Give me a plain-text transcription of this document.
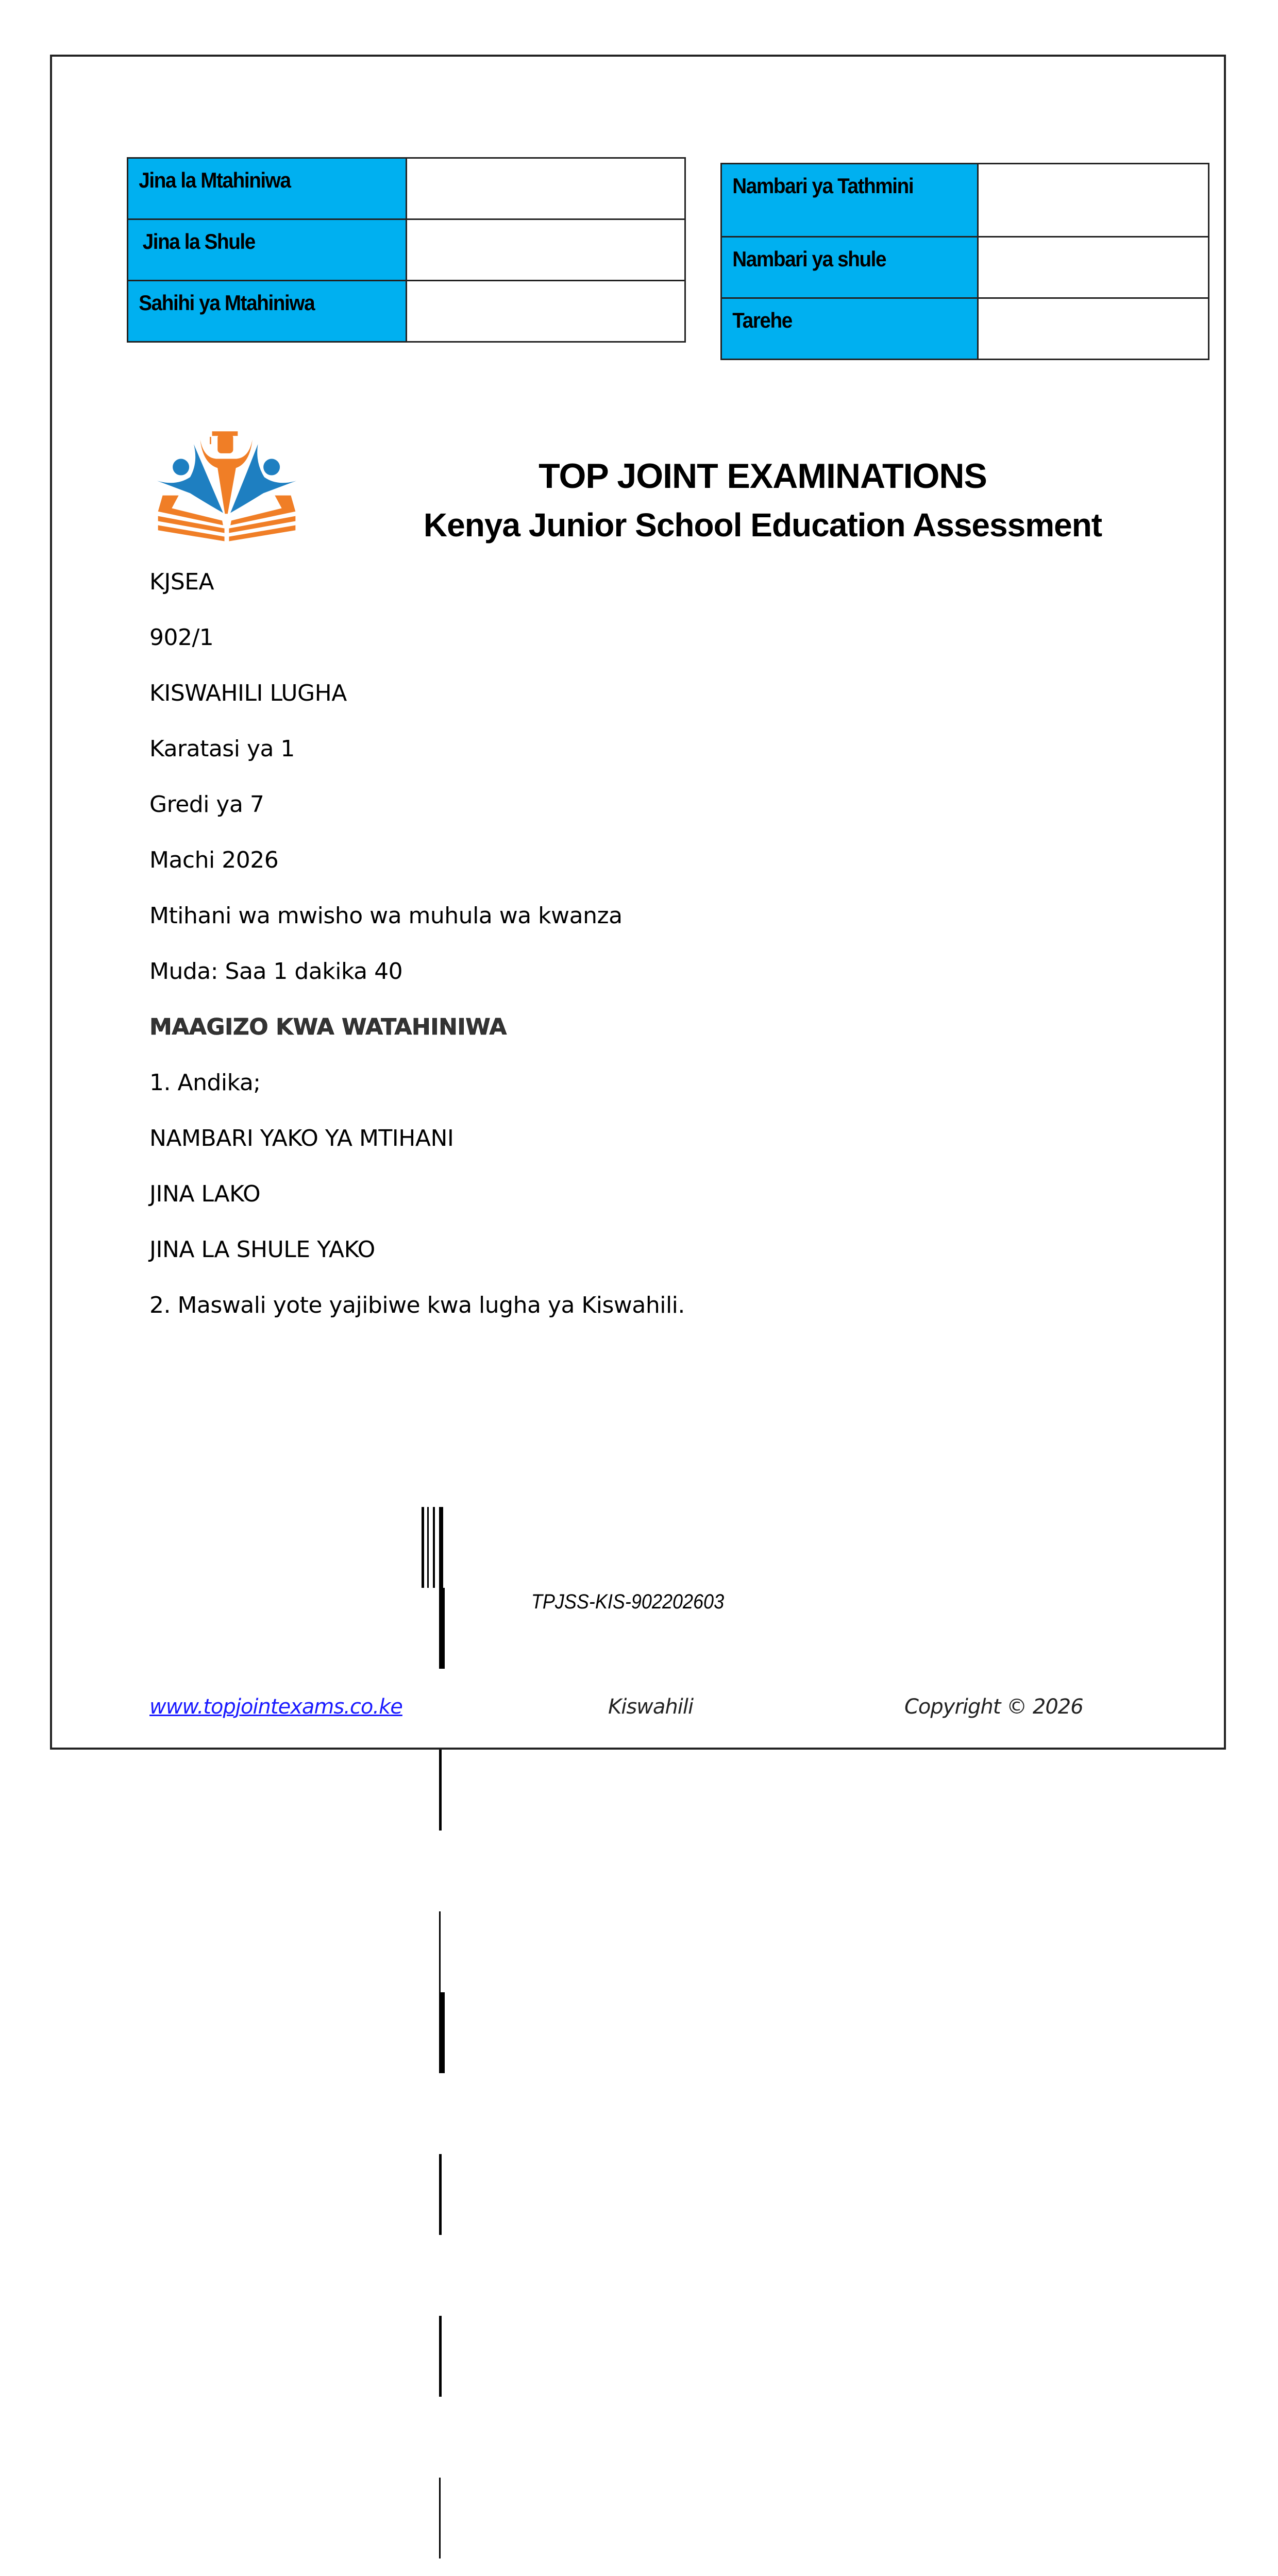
Jina la Mtahiniwa	

Jina la Shule	

Sahihi ya Mtahiniwa	

Nambari ya Tathmini	

Nambari ya shule	

Tarehe	

TOP JOINT EXAMINATIONS
Kenya Junior School Education Assessment
KJSEA
902/1
KISWAHILI LUGHA
Karatasi ya 1
Gredi ya 7
Machi 2026
Mtihani wa mwisho wa muhula wa kwanza
Muda: Saa 1 dakika 40
MAAGIZO KWA WATAHINIWA
1. Andika;
NAMBARI YAKO YA MTIHANI
JINA LAKO
JINA LA SHULE YAKO
2. Maswali yote yajibiwe kwa lugha ya Kiswahili.
TPJSS-KIS-902202603
www.topjointexams.co.ke	Kiswahili	Copyright © 2026
